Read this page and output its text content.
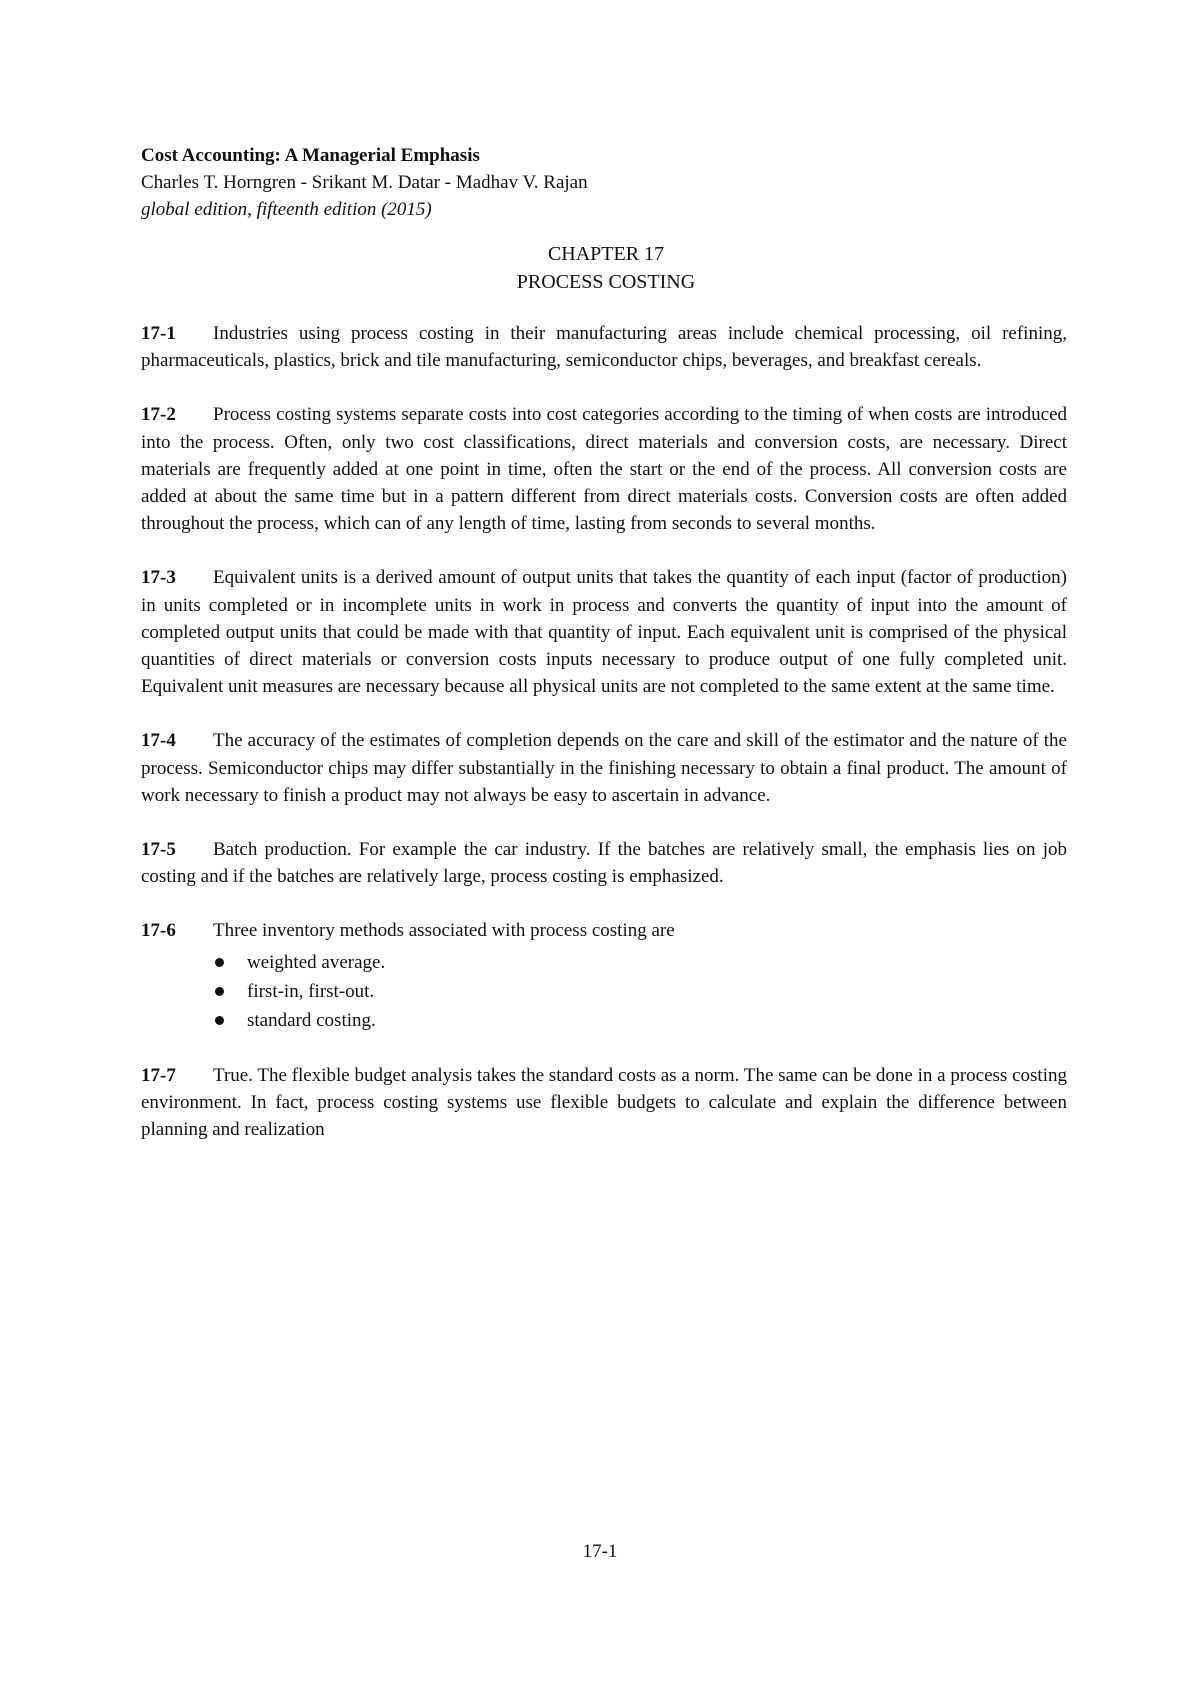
Cost Accounting: A Managerial Emphasis
Charles T. Horngren - Srikant M. Datar - Madhav V. Rajan
global edition, fifteenth edition (2015)
CHAPTER 17
PROCESS COSTING

17-1 Industries using process costing in their manufacturing areas include chemical processing, oil refining, pharmaceuticals, plastics, brick and tile manufacturing, semiconductor chips, beverages, and breakfast cereals.

17-2 Process costing systems separate costs into cost categories according to the timing of when costs are introduced into the process. Often, only two cost classifications, direct materials and conversion costs, are necessary. Direct materials are frequently added at one point in time, often the start or the end of the process. All conversion costs are added at about the same time but in a pattern different from direct materials costs. Conversion costs are often added throughout the process, which can of any length of time, lasting from seconds to several months.

17-3 Equivalent units is a derived amount of output units that takes the quantity of each input (factor of production) in units completed or in incomplete units in work in process and converts the quantity of input into the amount of completed output units that could be made with that quantity of input. Each equivalent unit is comprised of the physical quantities of direct materials or conversion costs inputs necessary to produce output of one fully completed unit. Equivalent unit measures are necessary because all physical units are not completed to the same extent at the same time.

17-4 The accuracy of the estimates of completion depends on the care and skill of the estimator and the nature of the process. Semiconductor chips may differ substantially in the finishing necessary to obtain a final product. The amount of work necessary to finish a product may not always be easy to ascertain in advance.

17-5 Batch production. For example the car industry. If the batches are relatively small, the emphasis lies on job costing and if the batches are relatively large, process costing is emphasized.

17-6 Three inventory methods associated with process costing are
weighted average.
first-in, first-out.
standard costing.

17-7 True. The flexible budget analysis takes the standard costs as a norm. The same can be done in a process costing environment. In fact, process costing systems use flexible budgets to calculate and explain the difference between planning and realization

17-1
